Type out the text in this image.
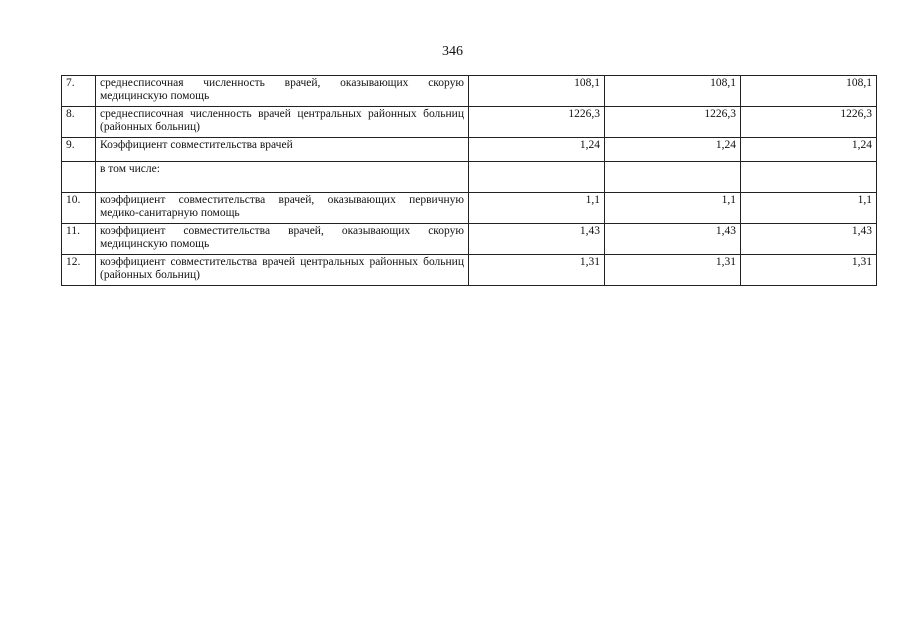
346
7.	среднесписочная численность врачей, оказывающих скорую медицинскую помощь	108,1	108,1	108,1
8.	среднесписочная численность врачей центральных районных больниц (районных больниц)	1226,3	1226,3	1226,3
9.	Коэффициент совместительства врачей	1,24	1,24	1,24
	в том числе:			
10.	коэффициент совместительства врачей, оказывающих первичную медико-санитарную помощь	1,1	1,1	1,1
11.	коэффициент совместительства врачей, оказывающих скорую медицинскую помощь	1,43	1,43	1,43
12.	коэффициент совместительства врачей центральных районных больниц (районных больниц)	1,31	1,31	1,31
